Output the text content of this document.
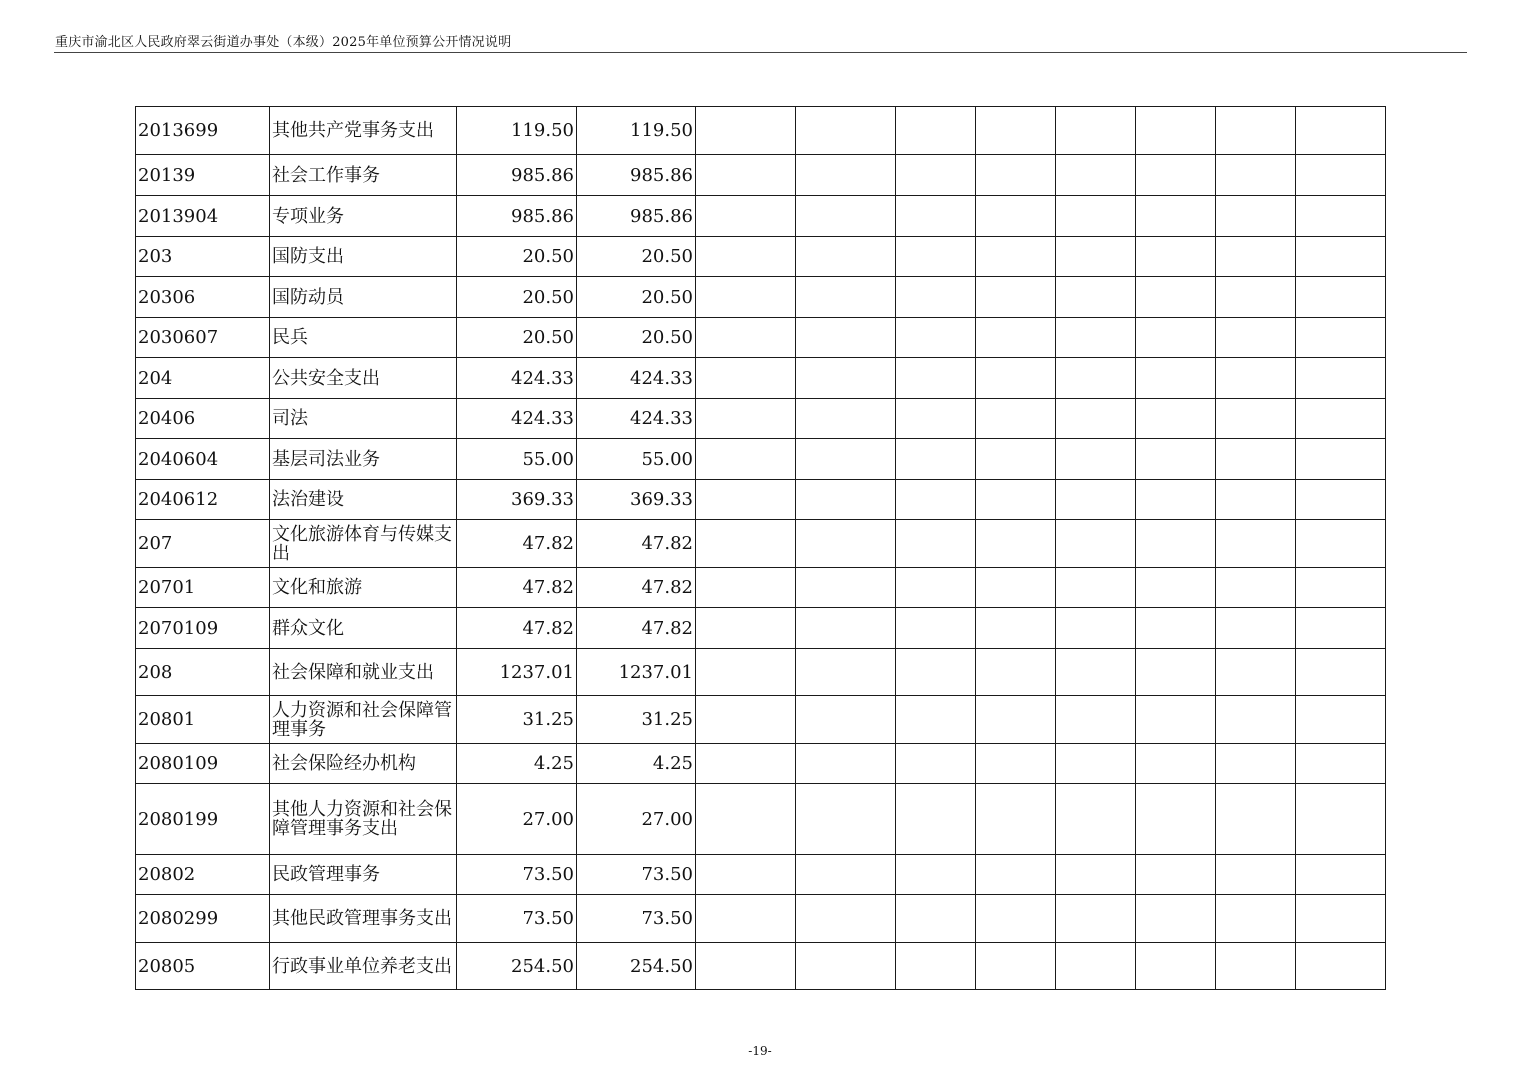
重庆市渝北区人民政府翠云街道办事处（本级）2025年单位预算公开情况说明
2013699	其他共产党事务支出	119.50	119.50								
20139	社会工作事务	985.86	985.86								
2013904	专项业务	985.86	985.86								
203	国防支出	20.50	20.50								
20306	国防动员	20.50	20.50								
2030607	民兵	20.50	20.50								
204	公共安全支出	424.33	424.33								
20406	司法	424.33	424.33								
2040604	基层司法业务	55.00	55.00								
2040612	法治建设	369.33	369.33								
207	文化旅游体育与传媒支出	47.82	47.82								
20701	文化和旅游	47.82	47.82								
2070109	群众文化	47.82	47.82								
208	社会保障和就业支出	1237.01	1237.01								
20801	人力资源和社会保障管理事务	31.25	31.25								
2080109	社会保险经办机构	4.25	4.25								
2080199	其他人力资源和社会保障管理事务支出	27.00	27.00								
20802	民政管理事务	73.50	73.50								
2080299	其他民政管理事务支出	73.50	73.50								
20805	行政事业单位养老支出	254.50	254.50								
-19-
